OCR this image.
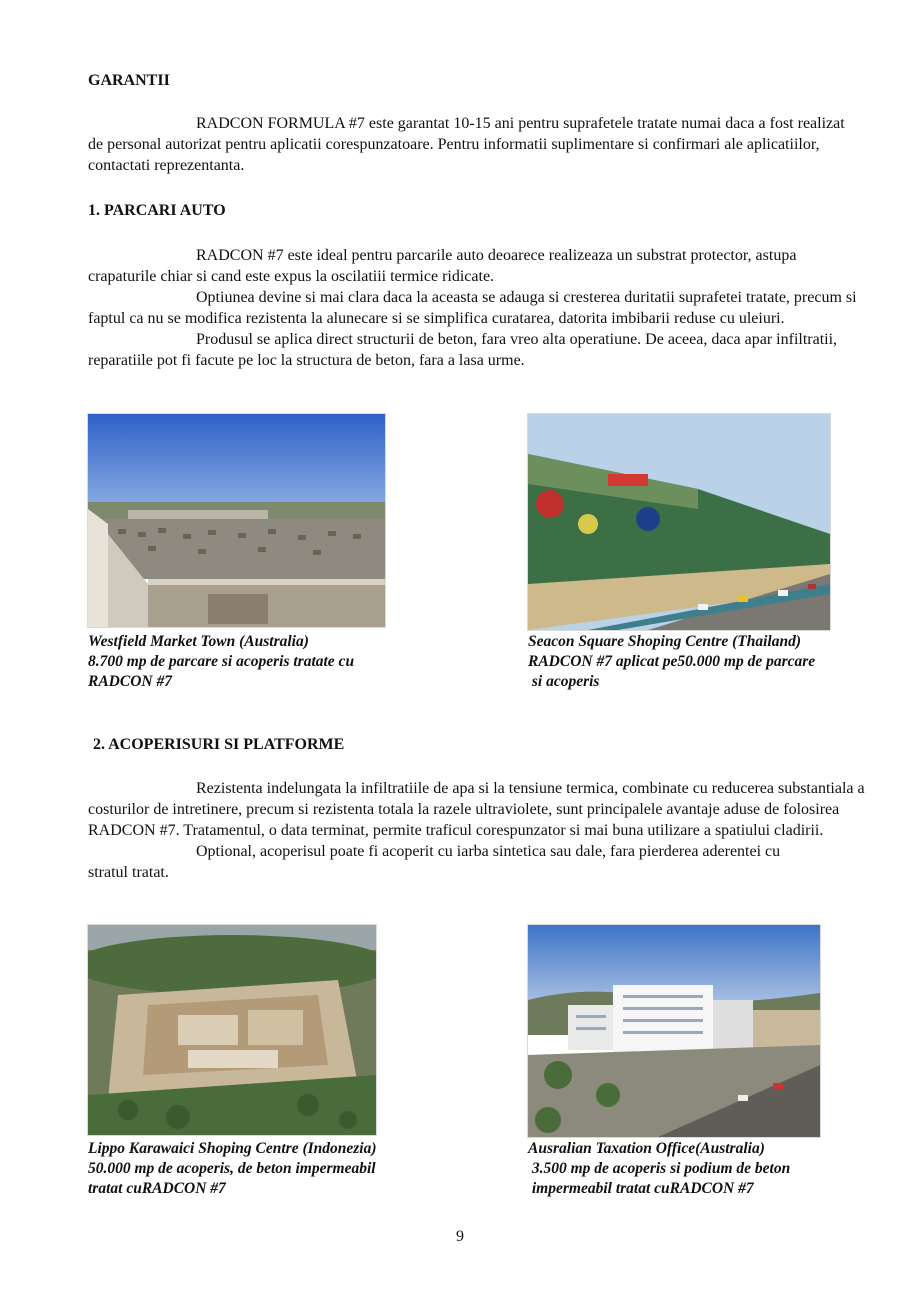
GARANTII

RADCON FORMULA #7 este garantat 10-15 ani pentru suprafetele tratate numai daca a fost realizat de personal autorizat pentru aplicatii corespunzatoare. Pentru informatii suplimentare si confirmari ale aplicatiilor, contactati reprezentanta.

1. PARCARI AUTO

RADCON #7 este ideal pentru parcarile auto deoarece realizeaza un substrat protector, astupa crapaturile chiar si cand este expus la oscilatiii termice ridicate.

Optiunea devine si mai clara daca la aceasta se adauga si cresterea duritatii suprafetei tratate, precum si faptul ca nu se modifica rezistenta la alunecare si se simplifica curatarea, datorita imbibarii reduse cu uleiuri.

Produsul se aplica direct structurii de beton, fara vreo alta operatiune. De aceea, daca apar infiltratii, reparatiile pot fi facute pe loc la structura de beton, fara a lasa urme.

Westfield Market Town (Australia)
8.700 mp de parcare si acoperis tratate cu
RADCON #7
Seacon Square Shoping Centre (Thailand)
RADCON #7 aplicat pe50.000 mp de parcare
si acoperis
2. ACOPERISURI SI PLATFORME

Rezistenta indelungata la infiltratiile de apa si la tensiune termica, combinate cu reducerea substantiala a costurilor de intretinere, precum si rezistenta totala la razele ultraviolete, sunt principalele avantaje aduse de folosirea RADCON #7. Tratamentul, o data terminat, permite traficul corespunzator si mai buna utilizare a spatiului cladirii.

Optional, acoperisul poate fi acoperit cu iarba sintetica sau dale, fara pierderea aderentei cu stratul tratat.

Lippo Karawaici Shoping Centre (Indonezia)
50.000 mp de acoperis, de beton impermeabil
tratat cuRADCON #7
Ausralian Taxation Office(Australia)
3.500 mp de acoperis si podium de beton
impermeabil tratat cuRADCON #7
9
